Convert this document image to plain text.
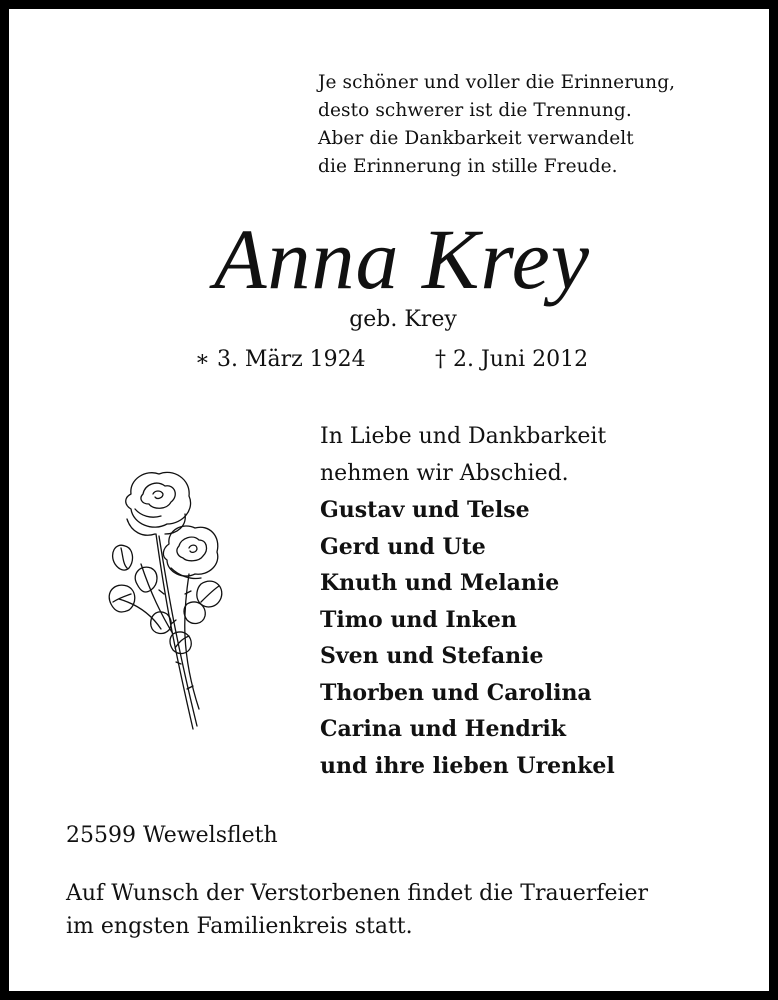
Je schöner und voller die Erinnerung,
desto schwerer ist die Trennung.
Aber die Dankbarkeit verwandelt
die Erinnerung in stille Freude.
Anna Krey
geb. Krey
∗ 3. März 1924	† 2. Juni 2012
In Liebe und Dankbarkeit
nehmen wir Abschied.
Gustav und Telse
Gerd und Ute
Knuth und Melanie
Timo und Inken
Sven und Stefanie
Thorben und Carolina
Carina und Hendrik
und ihre lieben Urenkel
25599 Wewelsfleth
Auf Wunsch der Verstorbenen findet die Trauerfeier
im engsten Familienkreis statt.
